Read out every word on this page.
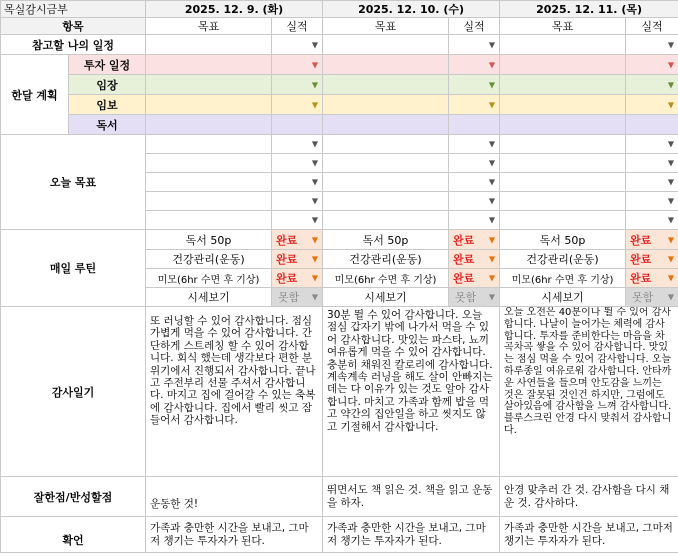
목실감시금부		2025. 12. 9. (화)		2025. 12. 10. (수)		2025. 12. 11. (목)	
항목		목표	실적	목표	실적	목표	실적
참고할 나의 일정			▼		▼		▼

한달 계획	투자 일정		▼		▼		▼

	임장		▼		▼		▼

	임보		▼		▼		▼

	독서						
오늘 목표			▼		▼		▼

			▼		▼		▼

			▼		▼		▼

			▼		▼		▼

			▼		▼		▼

매일 루틴		독서 50p	완료 ▼	독서 50p	완료 ▼	독서 50p	완료 ▼

		건강관리(운동)	완료 ▼	건강관리(운동)	완료 ▼	건강관리(운동)	완료 ▼

		미모(6hr 수면 후 기상)	완료 ▼	미모(6hr 수면 후 기상)	완료 ▼	미모(6hr 수면 후 기상)	완료 ▼

		시세보기	못함 ▼	시세보기	못함 ▼	시세보기	못함 ▼

감사일기		또 러닝할 수 있어 감사합니다. 점심 가볍게 먹을 수 있어 감사합니다. 간단하게 스트레칭 할 수 있어 감사합니다. 회식 했는데 생각보다 편한 분위기에서 진행되서 감사합니다. 끝나고 주전부리 선물 주셔서 감사합니다. 마지고 집에 걸어갈 수 있는 축복에 감사합니다. 집에서 빨리 씻고 잠들어서 감사합니다.		30분 뛸 수 있어 감사합니다. 오늘 점심 갑자기 밖에 나가서 먹을 수 있어 감사합니다. 맛있는 파스타, 뇨끼 여유롭게 먹을 수 있어 감사합니다. 충분히 채워진 칼로리에 감사합니다. 계속계속 러닝을 해도 살이 안빠지는데는 다 이유가 있는 것도 알아 감사합니다. 마치고 가족과 함께 밥을 먹고 약간의 집안일을 하고 씻지도 않고 기절해서 감사합니다.		오늘 오전은 40분이나 뛸 수 있어 감사합니다. 나날이 늘어가는 체력에 감사합니다. 투자를 준비한다는 마음을 차곡차곡 쌓을 수 있어 감사합니다. 맛있는 점심 먹을 수 있어 감사합니다. 오늘 하루종일 여유로워 감사합니다. 안타까운 사연들을 들으며 안도감을 느끼는 것은 잘못된 것인건 하지만, 그럼에도 살아있음에 감사함을 느껴 감사합니다. 블루스크린 안경 다시 맞춰서 감사합니다.	
잘한점/반성할점		운동한 것!		뛰면서도 책 읽은 것. 책을 읽고 운동을 하자.		안경 맞추러 간 것. 감사함을 다시 채운 것. 감사하다.	
확언		가족과 충만한 시간을 보내고, 그마저 챙기는 투자자가 된다.		가족과 충만한 시간을 보내고, 그마저 챙기는 투자자가 된다.		가족과 충만한 시간을 보내고, 그마저 챙기는 투자자가 된다.	
